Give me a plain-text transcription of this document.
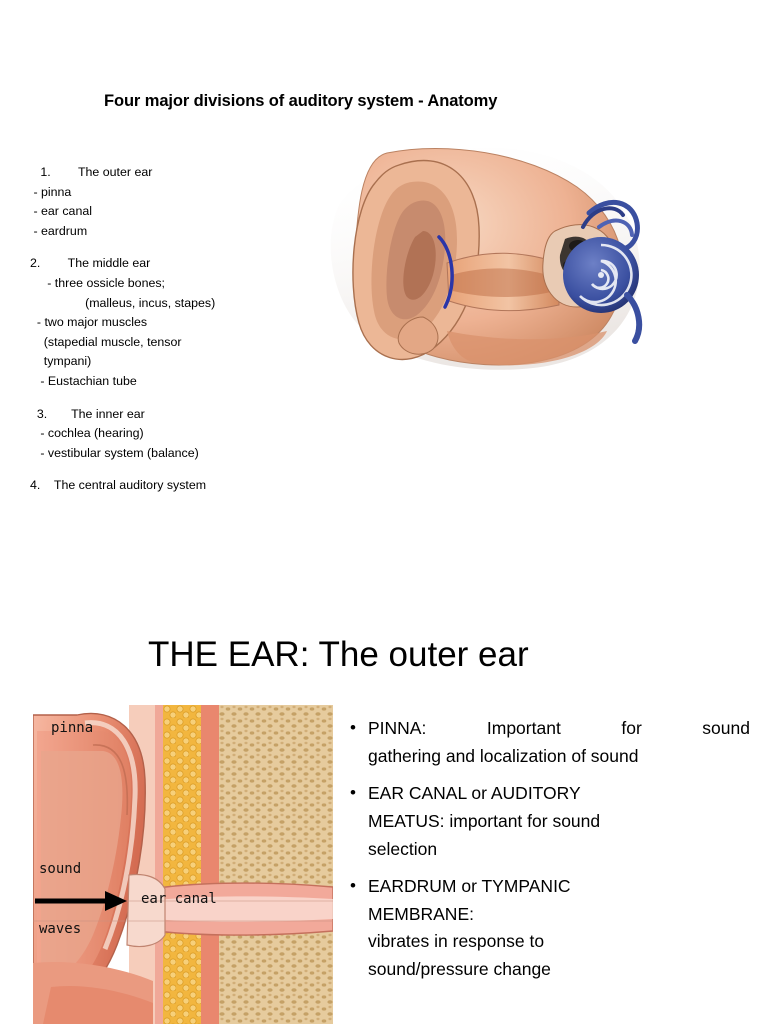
Four major divisions of auditory system - Anatomy
1.        The outer ear
- pinna
- ear canal
- eardrum
2.        The middle ear
- three ossicle bones;
(malleus, incus, stapes)
- two major muscles
(stapedial muscle, tensor
tympani)
- Eustachian tube
3.       The inner ear
- cochlea (hearing)
- vestibular system (balance)
4.    The central auditory system
THE EAR: The outer ear
• PINNA: Important for sound
gathering and localization of sound
• EAR CANAL or AUDITORY
MEATUS: important for sound
selection
• EARDRUM or TYMPANIC
MEMBRANE:
vibrates in response to
sound/pressure change
pinna
sound
waves
ear canal
